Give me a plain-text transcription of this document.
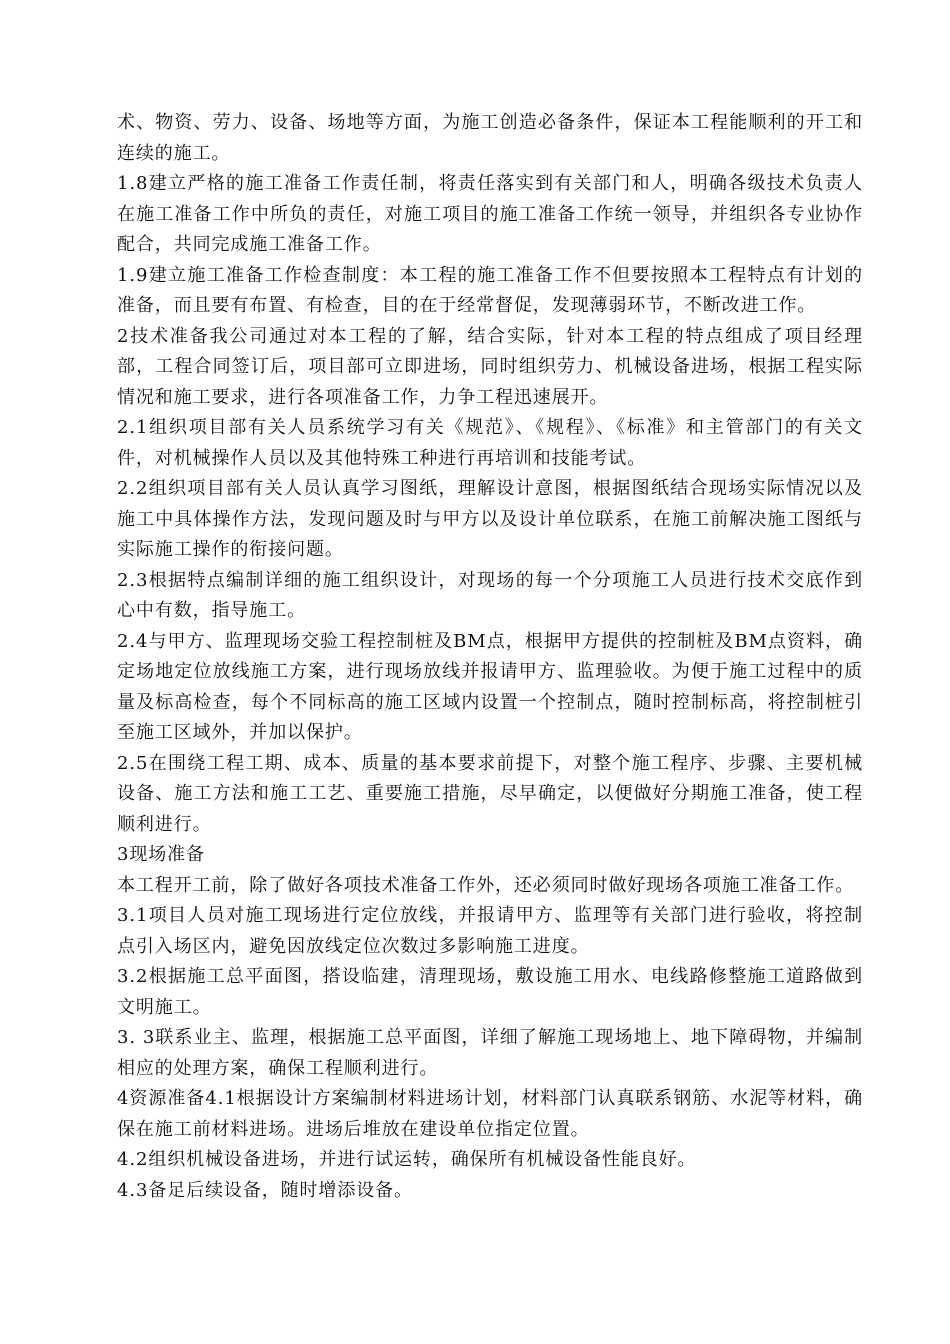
术、物资、劳力、设备、场地等方面，为施工创造必备条件，保证本工程能顺利的开工和连续的施工。

1.8建立严格的施工准备工作责任制，将责任落实到有关部门和人，明确各级技术负责人在施工准备工作中所负的责任，对施工项目的施工准备工作统一领导，并组织各专业协作配合，共同完成施工准备工作。

1.9建立施工准备工作检查制度：本工程的施工准备工作不但要按照本工程特点有计划的准备，而且要有布置、有检查，目的在于经常督促，发现薄弱环节，不断改进工作。

2技术准备我公司通过对本工程的了解，结合实际，针对本工程的特点组成了项目经理部，工程合同签订后，项目部可立即进场，同时组织劳力、机械设备进场，根据工程实际情况和施工要求，进行各项准备工作，力争工程迅速展开。

2.1组织项目部有关人员系统学习有关《规范》、《规程》、《标准》和主管部门的有关文件，对机械操作人员以及其他特殊工种进行再培训和技能考试。

2.2组织项目部有关人员认真学习图纸，理解设计意图，根据图纸结合现场实际情况以及施工中具体操作方法，发现问题及时与甲方以及设计单位联系，在施工前解决施工图纸与实际施工操作的衔接问题。

2.3根据特点编制详细的施工组织设计，对现场的每一个分项施工人员进行技术交底作到心中有数，指导施工。

2.4与甲方、监理现场交验工程控制桩及BM点，根据甲方提供的控制桩及BM点资料，确定场地定位放线施工方案，进行现场放线并报请甲方、监理验收。为便于施工过程中的质量及标高检查，每个不同标高的施工区域内设置一个控制点，随时控制标高，将控制桩引至施工区域外，并加以保护。

2.5在围绕工程工期、成本、质量的基本要求前提下，对整个施工程序、步骤、主要机械设备、施工方法和施工工艺、重要施工措施，尽早确定，以便做好分期施工准备，使工程顺利进行。

3现场准备

本工程开工前，除了做好各项技术准备工作外，还必须同时做好现场各项施工准备工作。

3.1项目人员对施工现场进行定位放线，并报请甲方、监理等有关部门进行验收，将控制点引入场区内，避免因放线定位次数过多影响施工进度。

3.2根据施工总平面图，搭设临建，清理现场，敷设施工用水、电线路修整施工道路做到文明施工。

3. 3联系业主、监理，根据施工总平面图，详细了解施工现场地上、地下障碍物，并编制相应的处理方案，确保工程顺利进行。

4资源准备4.1根据设计方案编制材料进场计划，材料部门认真联系钢筋、水泥等材料，确保在施工前材料进场。进场后堆放在建设单位指定位置。

4.2组织机械设备进场，并进行试运转，确保所有机械设备性能良好。

4.3备足后续设备，随时增添设备。
